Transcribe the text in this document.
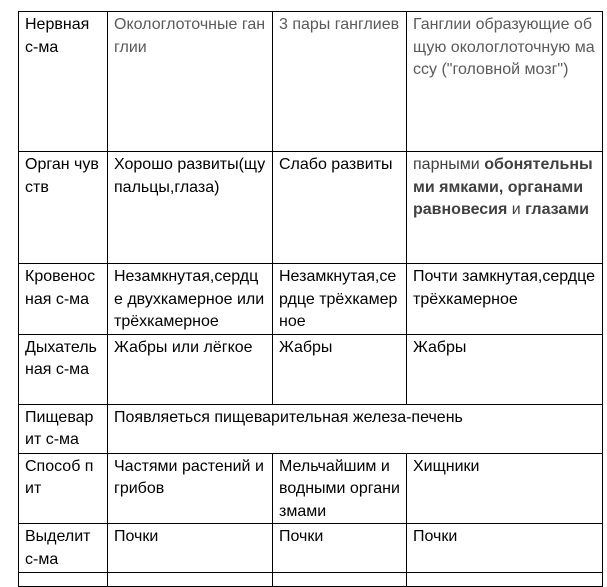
Нервная с-ма	Окологлоточные ганглии	3 пары ганглиев	Ганглии образующие общую окологлоточную массу ("головной мозг")
Орган чувств	Хорошо развиты(щупальцы,глаза)	Слабо развиты	парными обонятельными ямками, органами равновесия и глазами
Кровеносная с-ма	Незамкнутая,сердце двухкамерное или трёхкамерное	Незамкнутая,сердце трёхкамерное	Почти замкнутая,сердце трёхкамерное
Дыхательная с-ма	Жабры или лёгкое	Жабры	Жабры
Пищеварит с-ма	Появляеться пищеварительная железа-печень		
Способ пит	Частями растений и грибов	Мельчайшим и водными организмами	Хищники
Выделит с-ма	Почки	Почки	Почки
